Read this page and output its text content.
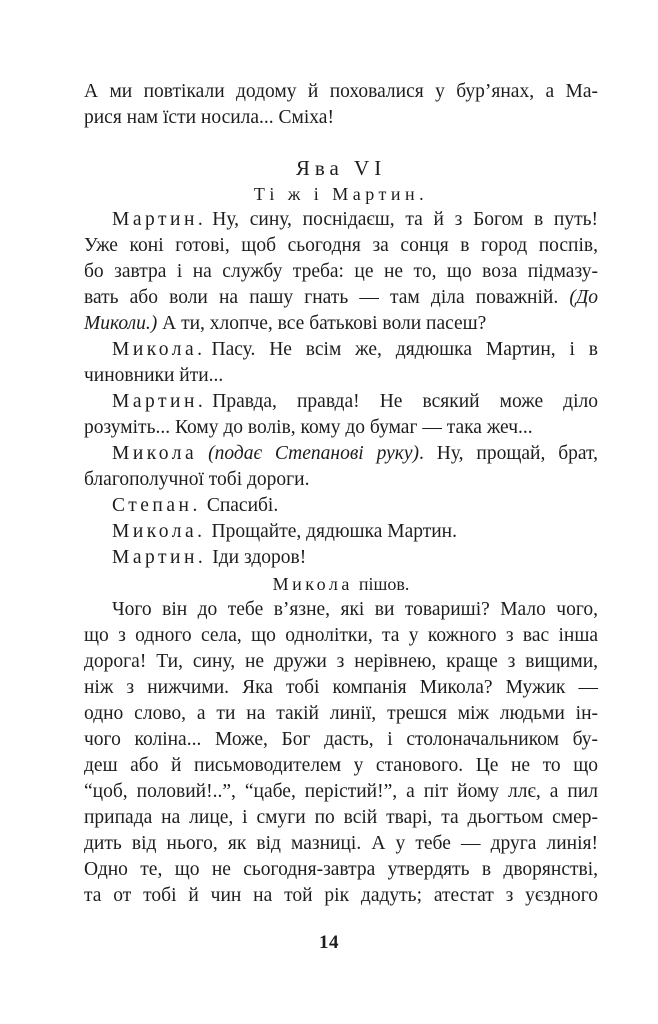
А ми повтікали додому й поховалися у бур’янах, а Ма-
рися нам їсти носила... Сміха!
Ява VI
Ті ж і Мартин.
Мартин. Ну, сину, поснідаєш, та й з Богом в путь!
Уже коні готові, щоб сьогодня за сонця в город поспів,
бо завтра і на службу треба: це не то, що воза підмазу-
вать або воли на пашу гнать — там діла поважній. (До
Миколи.) А ти, хлопче, все батькові воли пасеш?
Микола. Пасу. Не всім же, дядюшка Мартин, і в
чиновники йти...
Мартин. Правда, правда! Не всякий може діло
розуміть... Кому до волів, кому до бумаг — така жеч...
Микола (подає Степанові руку). Ну, прощай, брат,
благополучної тобі дороги.
Степан. Спасибі.
Микола. Прощайте, дядюшка Мартин.
Мартин. Іди здоров!
Микола пішов.
Чого він до тебе в’язне, які ви товариші? Мало чого,
що з одного села, що однолітки, та у кожного з вас інша
дорога! Ти, сину, не дружи з нерівнею, краще з вищими,
ніж з нижчими. Яка тобі компанія Микола? Мужик —
одно слово, а ти на такій линії, трешся між людьми ін-
чого коліна... Може, Бог дасть, і столоначальником бу-
деш або й письмоводителем у станового. Це не то що
“цоб, половий!..”, “цабе, перістий!”, а піт йому ллє, а пил
припада на лице, і смуги по всій тварі, та дьогтьом смер-
дить від нього, як від мазниці. А у тебе — друга линія!
Одно те, що не сьогодня-завтра утвердять в дворянстві,
та от тобі й чин на той рік дадуть; атестат з уєздного
14
